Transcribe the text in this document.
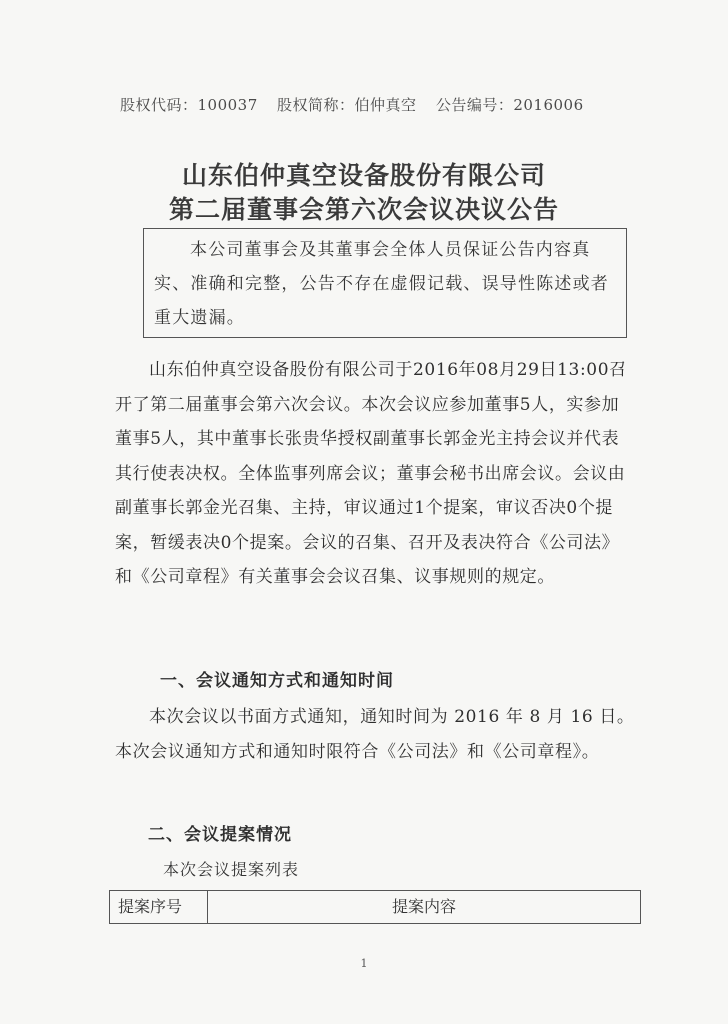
股权代码：100037 股权简称：伯仲真空 公告编号：2016006
山东伯仲真空设备股份有限公司
第二届董事会第六次会议决议公告
本公司董事会及其董事会全体人员保证公告内容真实、准确和完整，公告不存在虚假记载、误导性陈述或者重大遗漏。
山东伯仲真空设备股份有限公司于2016年08月29日13:00召开了第二届董事会第六次会议。本次会议应参加董事5人，实参加董事5人，其中董事长张贵华授权副董事长郭金光主持会议并代表其行使表决权。全体监事列席会议；董事会秘书出席会议。会议由副董事长郭金光召集、主持，审议通过1个提案，审议否决0个提案，暂缓表决0个提案。会议的召集、召开及表决符合《公司法》和《公司章程》有关董事会会议召集、议事规则的规定。
一、会议通知方式和通知时间
本次会议以书面方式通知，通知时间为 2016 年 8 月 16 日。本次会议通知方式和通知时限符合《公司法》和《公司章程》。
二、会议提案情况
本次会议提案列表
提案序号	提案内容
1
